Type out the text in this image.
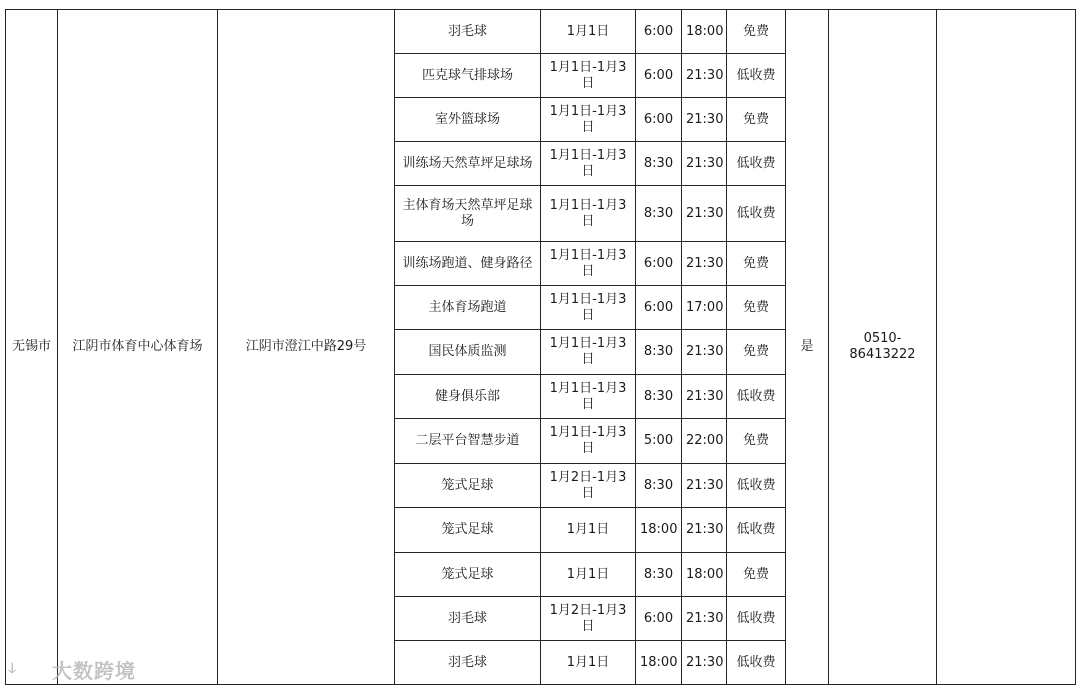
无锡市	江阴市体育中心体育场	江阴市澄江中路29号	羽毛球	1月1日	6:00	18:00	免费	是	0510-86413222	
			匹克球气排球场	1月1日-1月3日	6:00	21:30	低收费			
			室外篮球场	1月1日-1月3日	6:00	21:30	免费			
			训练场天然草坪足球场	1月1日-1月3日	8:30	21:30	低收费			
			主体育场天然草坪足球场	1月1日-1月3日	8:30	21:30	低收费			
			训练场跑道、健身路径	1月1日-1月3日	6:00	21:30	免费			
			主体育场跑道	1月1日-1月3日	6:00	17:00	免费			
			国民体质监测	1月1日-1月3日	8:30	21:30	免费			
			健身俱乐部	1月1日-1月3日	8:30	21:30	低收费			
			二层平台智慧步道	1月1日-1月3日	5:00	22:00	免费			
			笼式足球	1月2日-1月3日	8:30	21:30	低收费			
			笼式足球	1月1日	18:00	21:30	低收费			
			笼式足球	1月1日	8:30	18:00	免费			
			羽毛球	1月2日-1月3日	6:00	21:30	低收费			
			羽毛球	1月1日	18:00	21:30	低收费			
ↆ	大数跨境
